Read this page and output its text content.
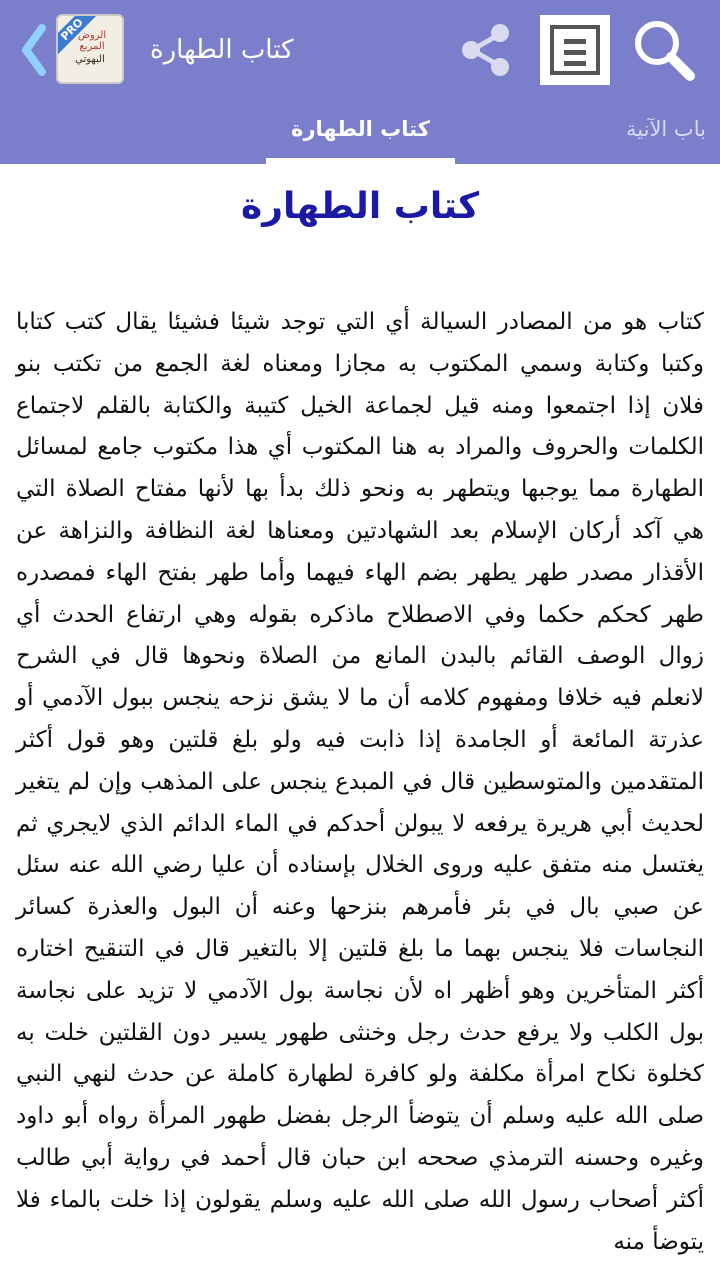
PRO
الروض المربع
البهوتي	كتاب الطهارة
كتاب الطهارة	باب الآنية
كتاب الطهارة
كتاب هو من المصادر السيالة أي التي توجد شيئا فشيئا يقال كتب كتابا وكتبا وكتابة وسمي المكتوب به مجازا ومعناه لغة الجمع من تكتب بنو فلان إذا اجتمعوا ومنه قيل لجماعة الخيل كتيبة والكتابة بالقلم لاجتماع الكلمات والحروف والمراد به هنا المكتوب أي هذا مكتوب جامع لمسائل الطهارة مما يوجبها ويتطهر به ونحو ذلك بدأ بها لأنها مفتاح الصلاة التي هي آكد أركان الإسلام بعد الشهادتين ومعناها لغة النظافة والنزاهة عن الأقذار مصدر طهر يطهر بضم الهاء فيهما وأما طهر بفتح الهاء فمصدره طهر كحكم حكما وفي الاصطلاح ماذكره بقوله وهي ارتفاع الحدث أي زوال الوصف القائم بالبدن المانع من الصلاة ونحوها قال في الشرح لانعلم فيه خلافا ومفهوم كلامه أن ما لا يشق نزحه ينجس ببول الآدمي أو عذرتة المائعة أو الجامدة إذا ذابت فيه ولو بلغ قلتين وهو قول أكثر المتقدمين والمتوسطين قال في المبدع ينجس على المذهب وإن لم يتغير لحديث أبي هريرة يرفعه لا يبولن أحدكم في الماء الدائم الذي لايجري ثم يغتسل منه متفق عليه وروى الخلال بإسناده أن عليا رضي الله عنه سئل عن صبي بال في بئر فأمرهم بنزحها وعنه أن البول والعذرة كسائر النجاسات فلا ينجس بهما ما بلغ قلتين إلا بالتغير قال في التنقيح اختاره أكثر المتأخرين وهو أظهر اه لأن نجاسة بول الآدمي لا تزيد على نجاسة بول الكلب ولا يرفع حدث رجل وخنثى طهور يسير دون القلتين خلت به كخلوة نكاح امرأة مكلفة ولو كافرة لطهارة كاملة عن حدث لنهي النبي صلى الله عليه وسلم أن يتوضأ الرجل بفضل طهور المرأة رواه أبو داود وغيره وحسنه الترمذي صححه ابن حبان قال أحمد في رواية أبي طالب أكثر أصحاب رسول الله صلى الله عليه وسلم يقولون إذا خلت بالماء فلا يتوضأ منه
